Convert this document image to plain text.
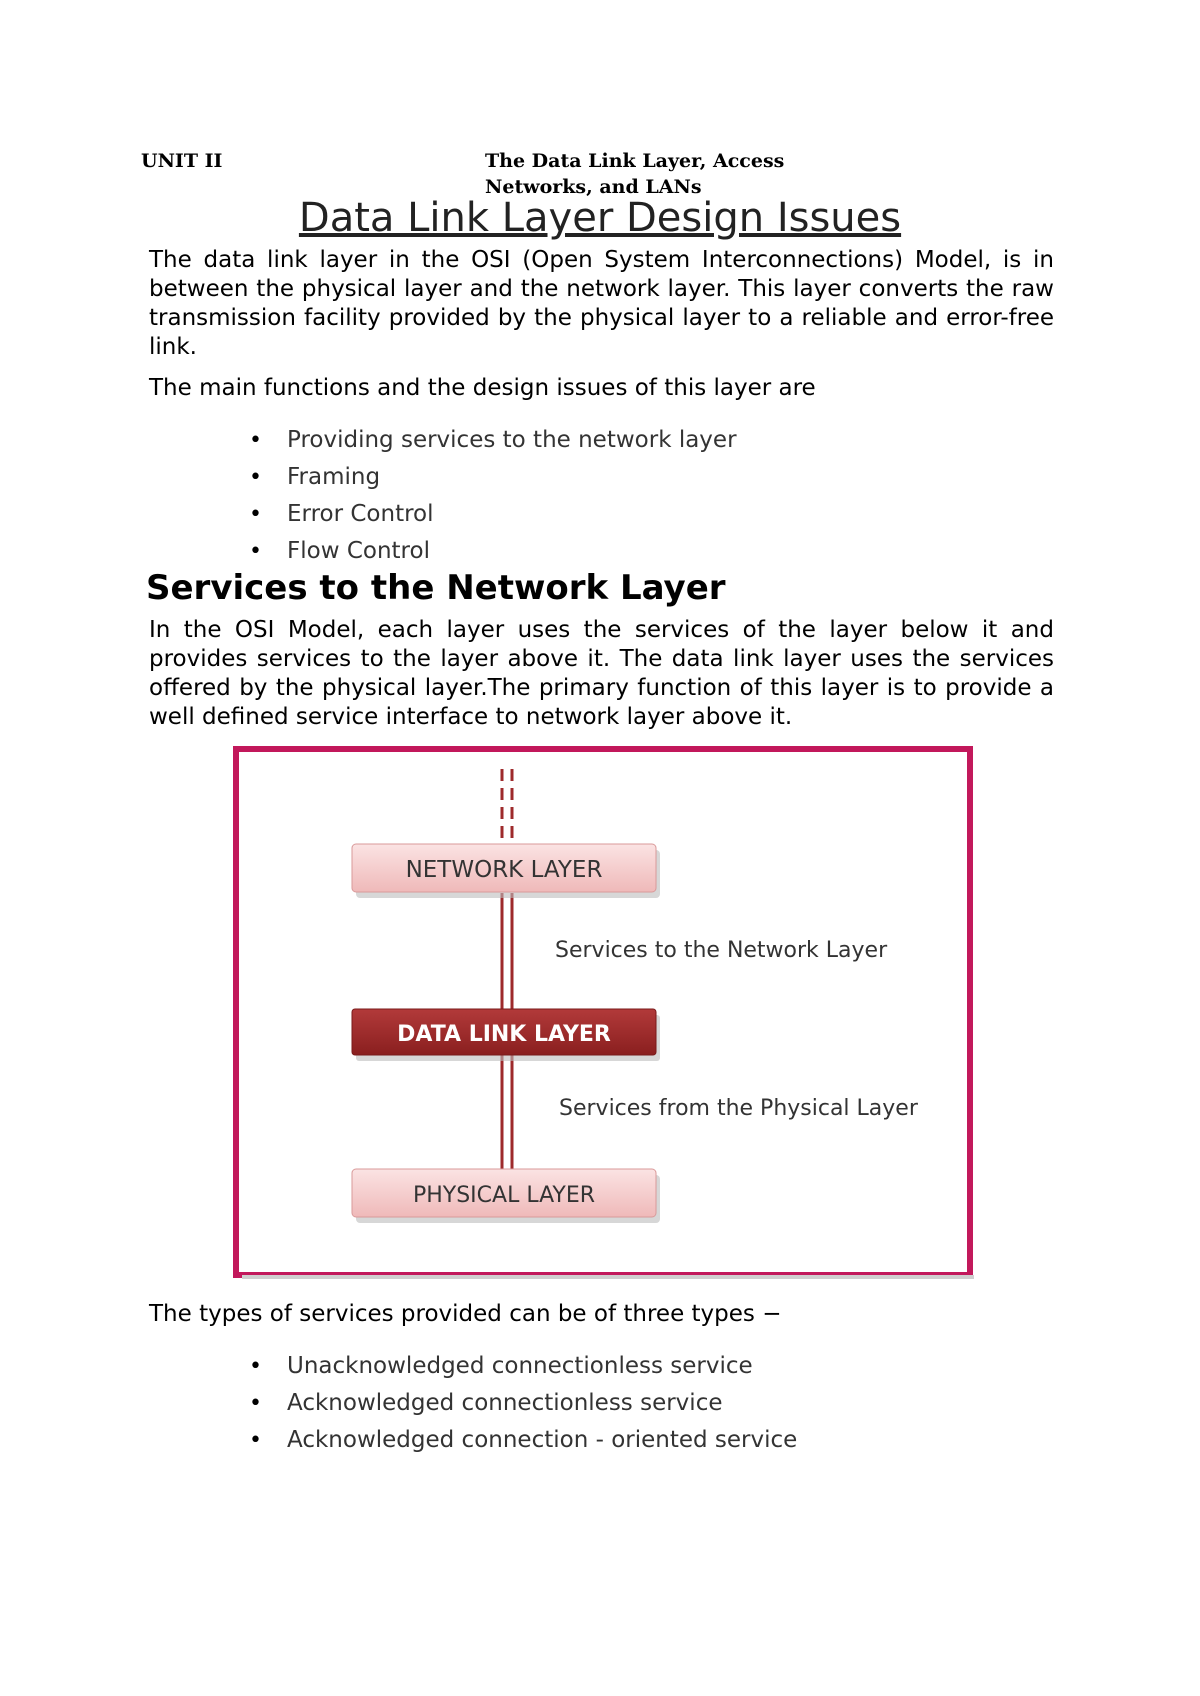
UNIT II	The Data Link Layer, Access
Networks, and LANs
Data Link Layer Design Issues

The data link layer in the OSI (Open System Interconnections) Model, is in between the physical layer and the network layer. This layer converts the raw transmission facility provided by the physical layer to a reliable and error-free link.

The main functions and the design issues of this layer are

• Providing services to the network layer
• Framing
• Error Control
• Flow Control
Services to the Network Layer

In the OSI Model, each layer uses the services of the layer below it and provides services to the layer above it. The data link layer uses the services offered by the physical layer.The primary function of this layer is to provide a well defined service interface to network layer above it.

NETWORK LAYER
DATA LINK LAYER
PHYSICAL LAYER
Services to the Network Layer
Services from the Physical Layer

The types of services provided can be of three types −

• Unacknowledged connectionless service
• Acknowledged connectionless service
• Acknowledged connection - oriented service
